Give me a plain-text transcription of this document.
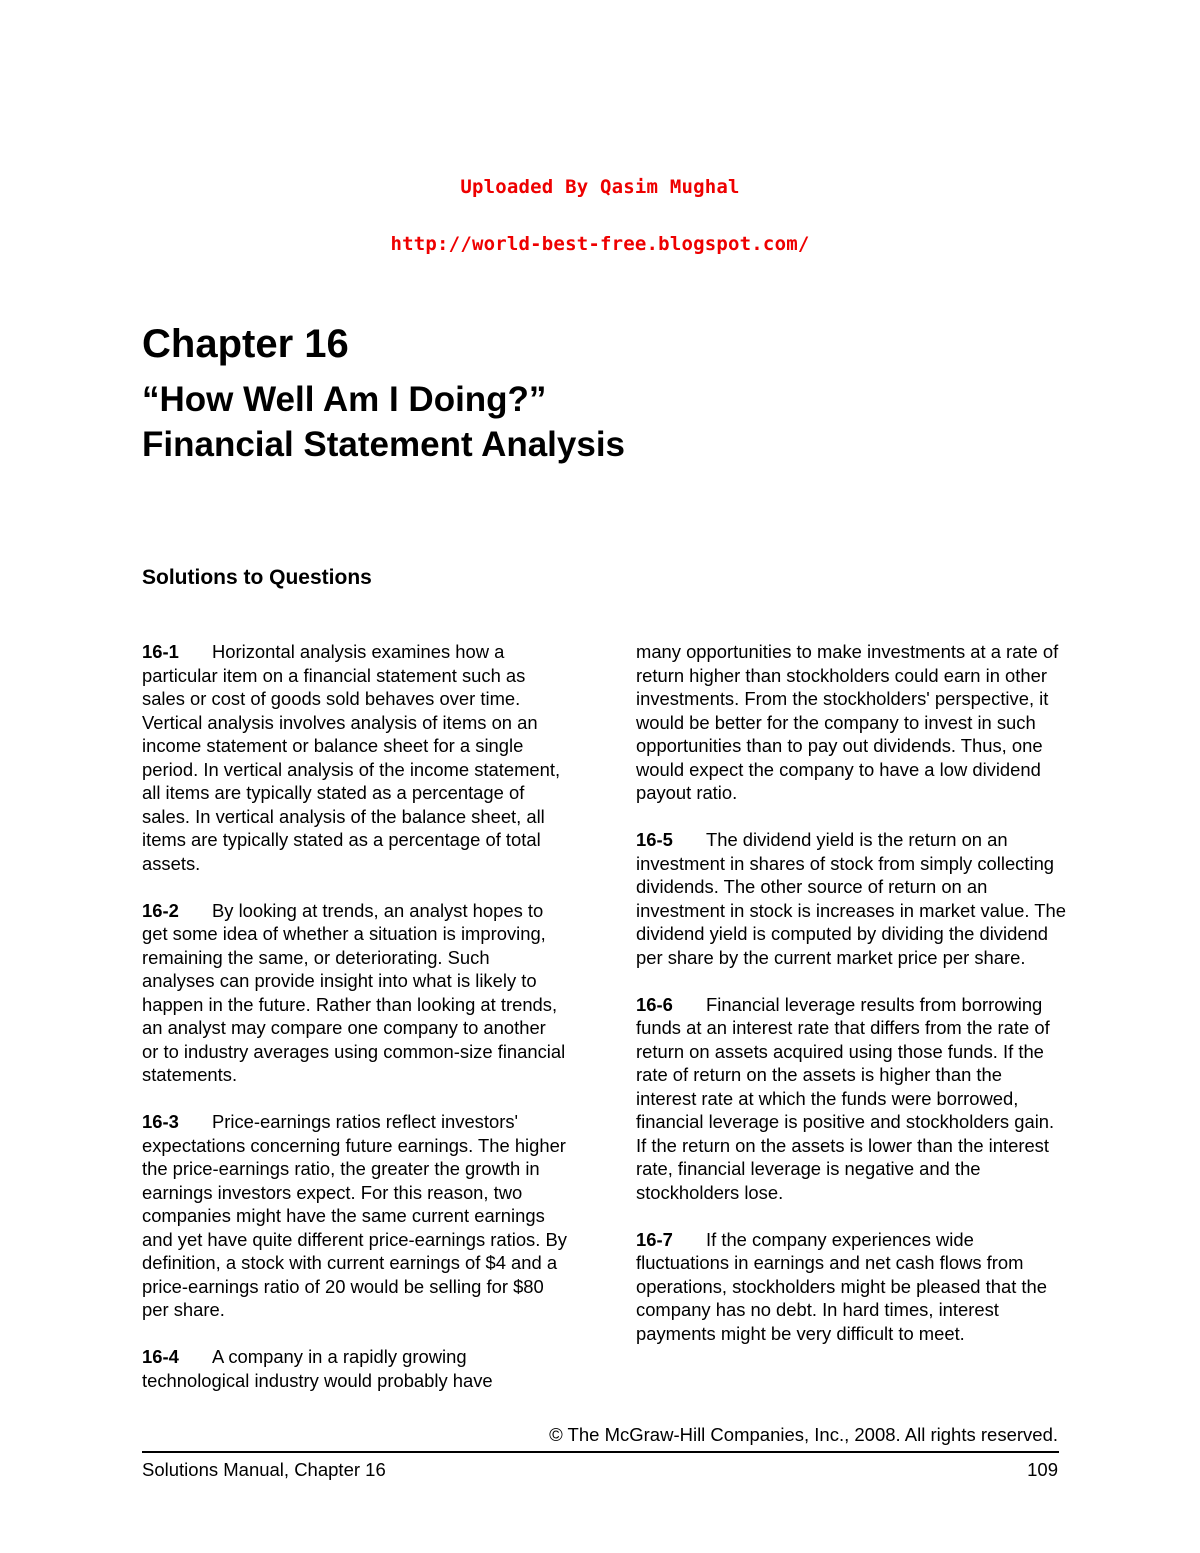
Uploaded By Qasim Mughal
http://world-best-free.blogspot.com/
Chapter 16
“How Well Am I Doing?”
Financial Statement Analysis
Solutions to Questions

16-1 Horizontal analysis examines how a particular item on a financial statement such as sales or cost of goods sold behaves over time. Vertical analysis involves analysis of items on an income statement or balance sheet for a single period. In vertical analysis of the income statement, all items are typically stated as a percentage of sales. In vertical analysis of the balance sheet, all items are typically stated as a percentage of total assets.

16-2 By looking at trends, an analyst hopes to get some idea of whether a situation is improving, remaining the same, or deteriorating. Such analyses can provide insight into what is likely to happen in the future. Rather than looking at trends, an analyst may compare one company to another or to industry averages using common-size financial statements.

16-3 Price-earnings ratios reflect investors' expectations concerning future earnings. The higher the price-earnings ratio, the greater the growth in earnings investors expect. For this reason, two companies might have the same current earnings and yet have quite different price-earnings ratios. By definition, a stock with current earnings of $4 and a price-earnings ratio of 20 would be selling for $80 per share.

16-4 A company in a rapidly growing technological industry would probably have

many opportunities to make investments at a rate of return higher than stockholders could earn in other investments. From the stockholders' perspective, it would be better for the company to invest in such opportunities than to pay out dividends. Thus, one would expect the company to have a low dividend payout ratio.

16-5 The dividend yield is the return on an investment in shares of stock from simply collecting dividends. The other source of return on an investment in stock is increases in market value. The dividend yield is computed by dividing the dividend per share by the current market price per share.

16-6 Financial leverage results from borrowing funds at an interest rate that differs from the rate of return on assets acquired using those funds. If the rate of return on the assets is higher than the interest rate at which the funds were borrowed, financial leverage is positive and stockholders gain. If the return on the assets is lower than the interest rate, financial leverage is negative and the stockholders lose.

16-7 If the company experiences wide fluctuations in earnings and net cash flows from operations, stockholders might be pleased that the company has no debt. In hard times, interest payments might be very difficult to meet.

© The McGraw-Hill Companies, Inc., 2008. All rights reserved.
Solutions Manual, Chapter 16	109
